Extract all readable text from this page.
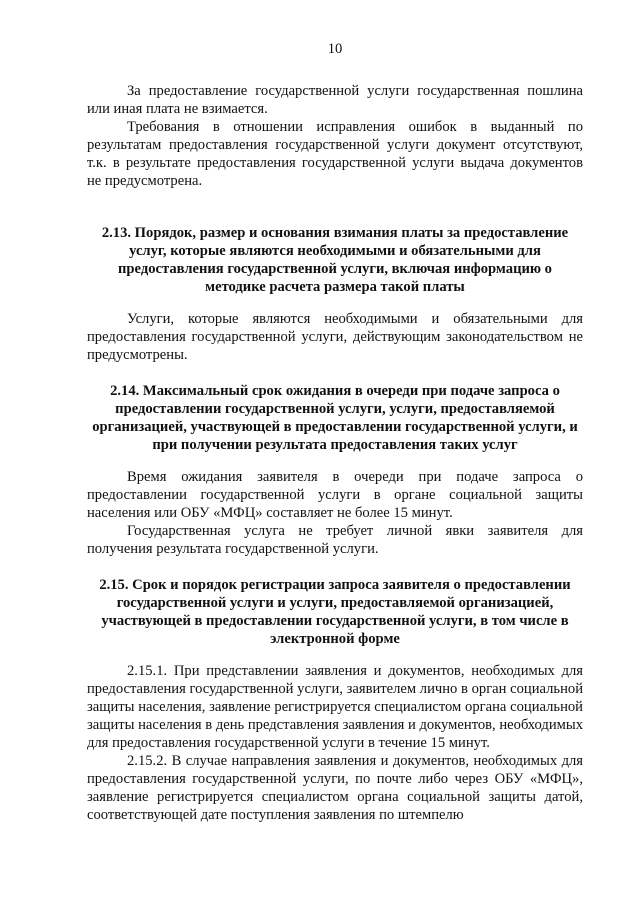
10

За предоставление государственной услуги государственная пошлина или иная плата не взимается.

Требования в отношении исправления ошибок в выданный по результатам предоставления государственной услуги документ отсутствуют, т.к. в результате предоставления государственной услуги выдача документов не предусмотрена.

2.13. Порядок, размер и основания взимания платы за предоставление услуг, которые являются необходимыми и обязательными для предоставления государственной услуги, включая информацию о методике расчета размера такой платы

Услуги, которые являются необходимыми и обязательными для предоставления государственной услуги, действующим законодательством не предусмотрены.

2.14. Максимальный срок ожидания в очереди при подаче запроса о предоставлении государственной услуги, услуги, предоставляемой организацией, участвующей в предоставлении государственной услуги, и при получении результата предоставления таких услуг

Время ожидания заявителя в очереди при подаче запроса о предоставлении государственной услуги в органе социальной защиты населения или ОБУ «МФЦ» составляет не более 15 минут.

Государственная услуга не требует личной явки заявителя для получения результата государственной услуги.

2.15. Срок и порядок регистрации запроса заявителя о предоставлении государственной услуги и услуги, предоставляемой организацией, участвующей в предоставлении государственной услуги, в том числе в электронной форме

2.15.1. При представлении заявления и документов, необходимых для предоставления государственной услуги, заявителем лично в орган социальной защиты населения, заявление регистрируется специалистом органа социальной защиты населения в день представления заявления и документов, необходимых для предоставления государственной услуги в течение 15 минут.

2.15.2. В случае направления заявления и документов, необходимых для предоставления государственной услуги, по почте либо через ОБУ «МФЦ», заявление регистрируется специалистом органа социальной защиты датой, соответствующей дате поступления заявления по штемпелю
